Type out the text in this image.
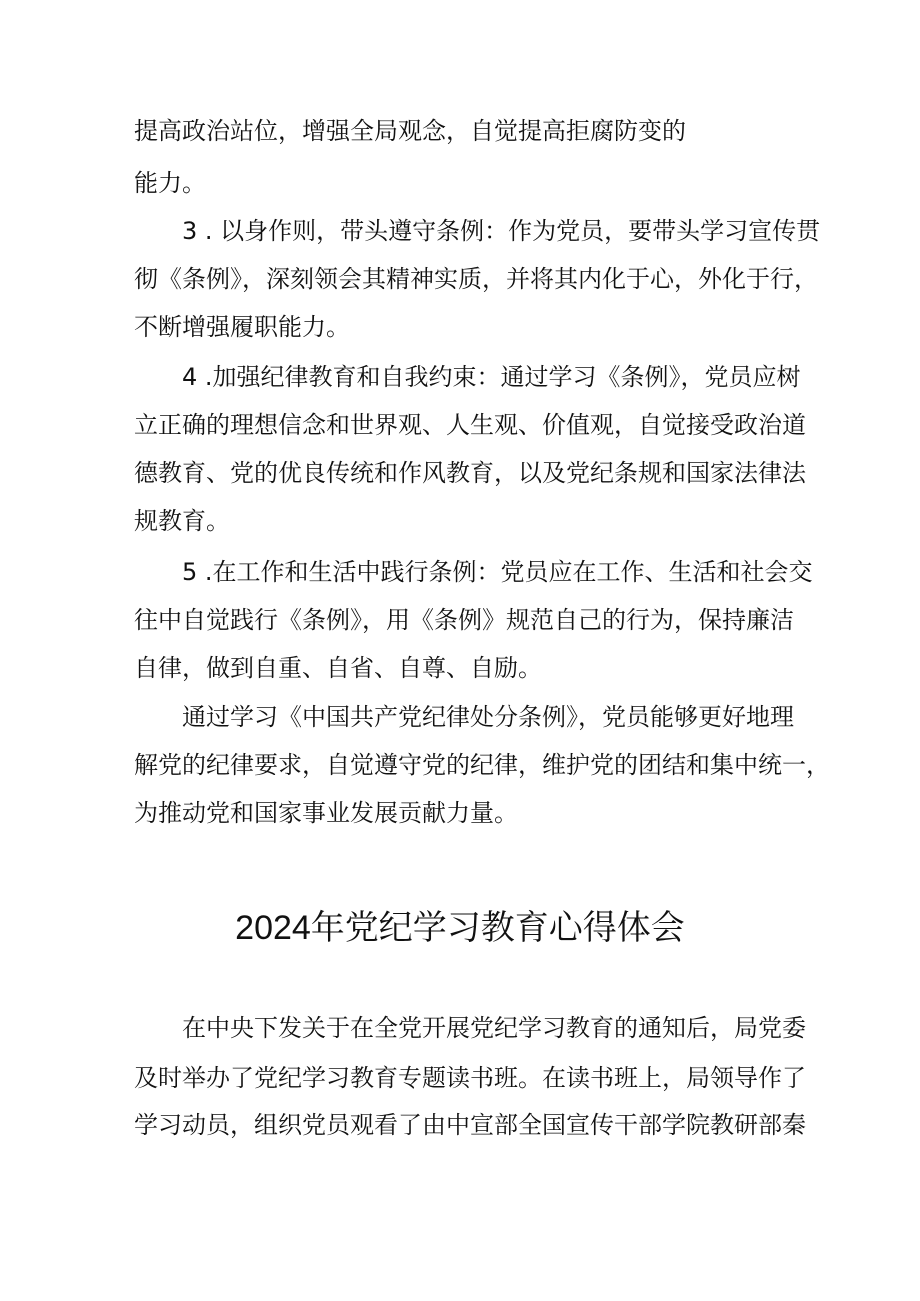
提高政治站位，增强全局观念，自觉提高拒腐防变的
能力。
3 . 以身作则，带头遵守条例：作为党员，要带头学习宣传贯
彻《条例》，深刻领会其精神实质，并将其内化于心，外化于行，
不断增强履职能力。
4 .加强纪律教育和自我约束：通过学习《条例》，党员应树
立正确的理想信念和世界观、人生观、价值观，自觉接受政治道
德教育、党的优良传统和作风教育，以及党纪条规和国家法律法
规教育。
5 .在工作和生活中践行条例：党员应在工作、生活和社会交
往中自觉践行《条例》，用《条例》规范自己的行为，保持廉洁
自律，做到自重、自省、自尊、自励。
通过学习《中国共产党纪律处分条例》，党员能够更好地理
解党的纪律要求，自觉遵守党的纪律，维护党的团结和集中统一，
为推动党和国家事业发展贡献力量。
2024年党纪学习教育心得体会
在中央下发关于在全党开展党纪学习教育的通知后，局党委
及时举办了党纪学习教育专题读书班。在读书班上，局领导作了
学习动员，组织党员观看了由中宣部全国宣传干部学院教研部秦
